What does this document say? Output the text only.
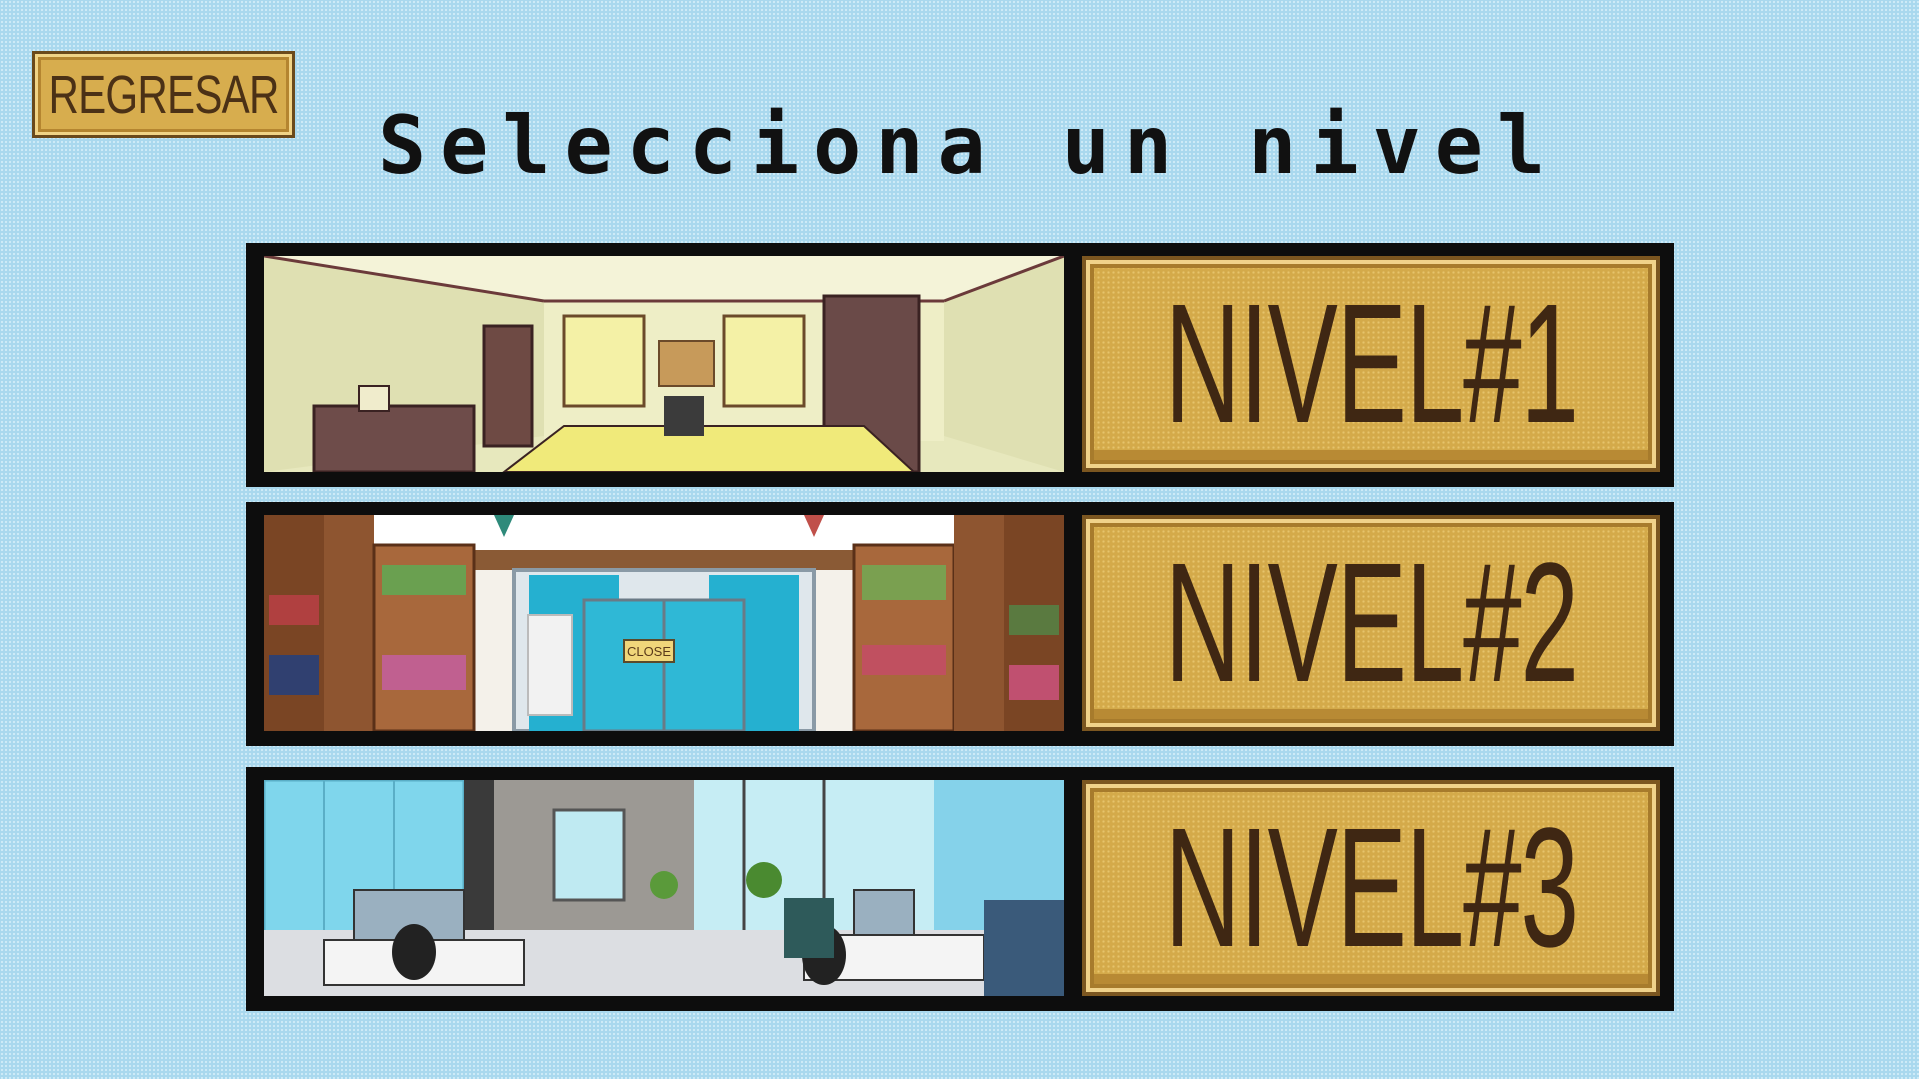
REGRESAR
Selecciona un nivel
NIVEL#1
CLOSE	NIVEL#2
NIVEL#3
